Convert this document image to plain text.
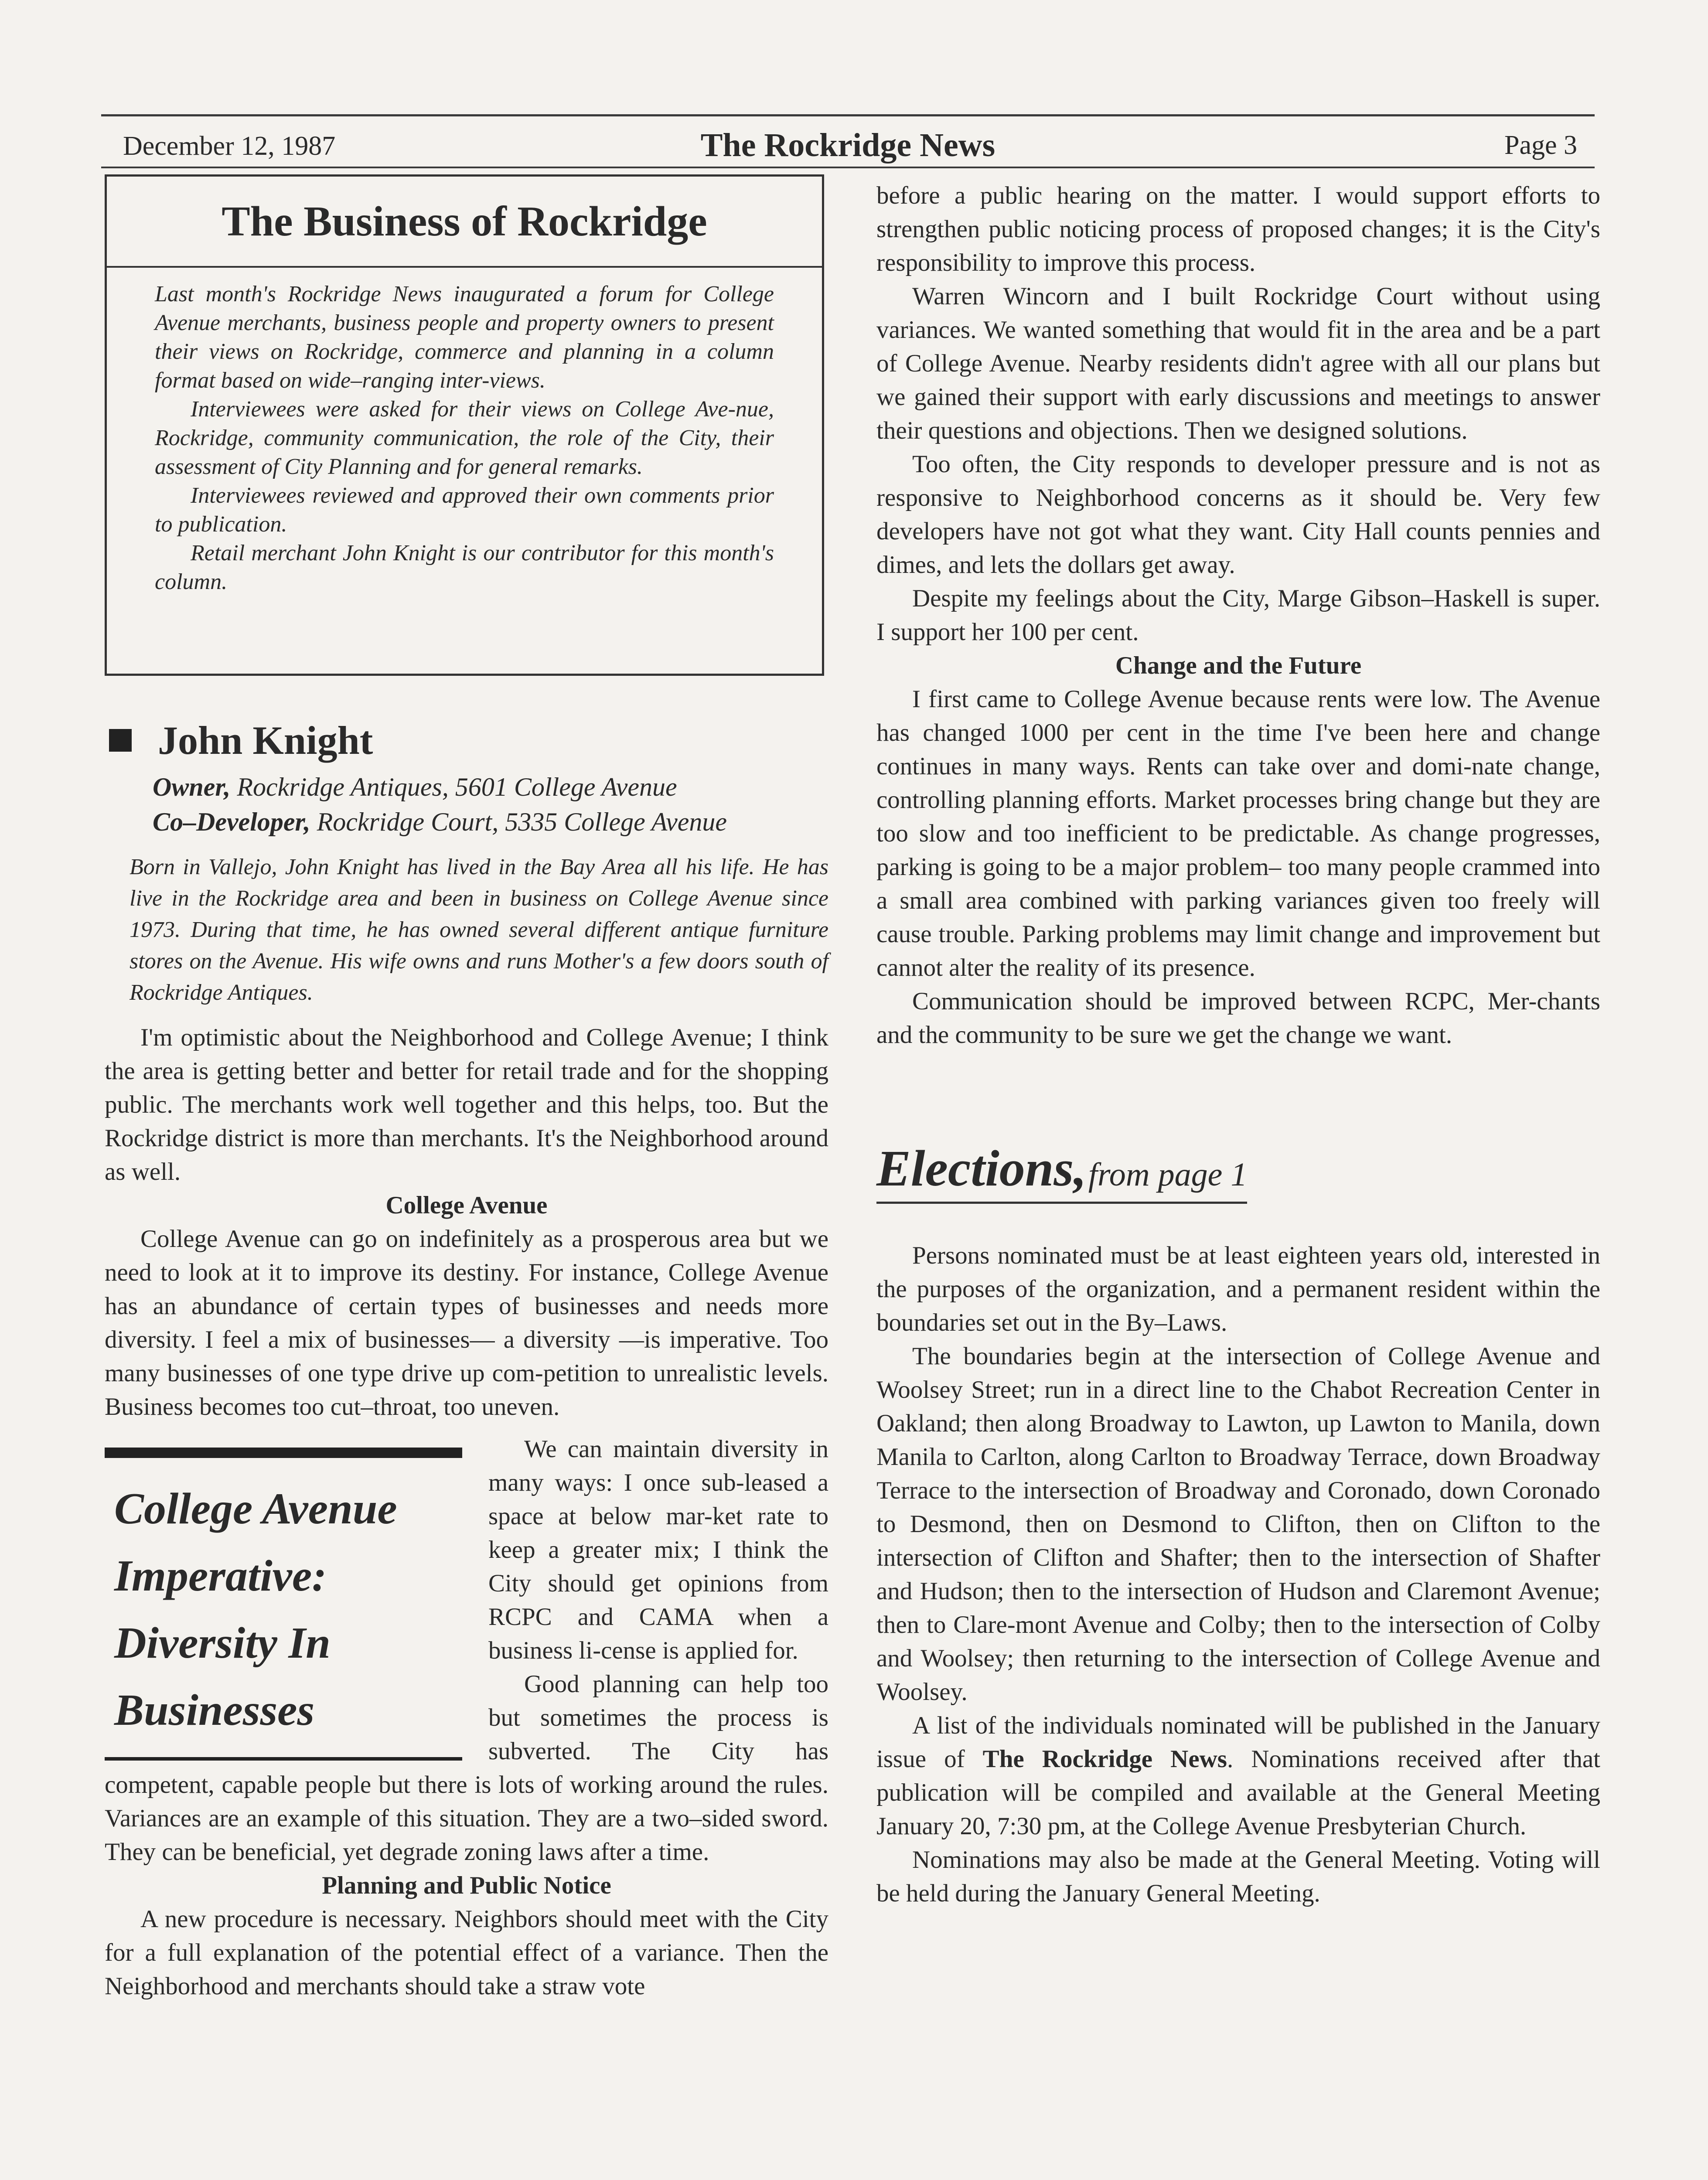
December 12, 1987	The Rockridge News	Page 3
The Business of Rockridge

Last month's Rockridge News inaugurated a forum for College Avenue merchants, business people and property owners to present their views on Rockridge, commerce and planning in a column format based on wide–ranging inter-views.

Interviewees were asked for their views on College Ave-nue, Rockridge, community communication, the role of the City, their assessment of City Planning and for general remarks.

Interviewees reviewed and approved their own comments prior to publication.

Retail merchant John Knight is our contributor for this month's column.

John Knight
Owner, Rockridge Antiques, 5601 College Avenue
Co–Developer, Rockridge Court, 5335 College Avenue

Born in Vallejo, John Knight has lived in the Bay Area all his life. He has live in the Rockridge area and been in business on College Avenue since 1973. During that time, he has owned several different antique furniture stores on the Avenue. His wife owns and runs Mother's a few doors south of Rockridge Antiques.

I'm optimistic about the Neighborhood and College Avenue; I think the area is getting better and better for retail trade and for the shopping public. The merchants work well together and this helps, too. But the Rockridge district is more than merchants. It's the Neighborhood around as well.

College Avenue

College Avenue can go on indefinitely as a prosperous area but we need to look at it to improve its destiny. For instance, College Avenue has an abundance of certain types of businesses and needs more diversity. I feel a mix of businesses— a diversity —is imperative. Too many businesses of one type drive up com-petition to unrealistic levels. Business becomes too cut–throat, too uneven.

College Avenue
Imperative:
Diversity In
Businesses

We can maintain diversity in many ways: I once sub-leased a space at below mar-ket rate to keep a greater mix; I think the City should get opinions from RCPC and CAMA when a business li-cense is applied for.

Good planning can help too but sometimes the process is subverted. The City has competent, capable people but there is lots of working around the rules. Variances are an example of this situation. They are a two–sided sword. They can be beneficial, yet degrade zoning laws after a time.

Planning and Public Notice

A new procedure is necessary. Neighbors should meet with the City for a full explanation of the potential effect of a variance. Then the Neighborhood and merchants should take a straw vote

before a public hearing on the matter. I would support efforts to strengthen public noticing process of proposed changes; it is the City's responsibility to improve this process.

Warren Wincorn and I built Rockridge Court without using variances. We wanted something that would fit in the area and be a part of College Avenue. Nearby residents didn't agree with all our plans but we gained their support with early discussions and meetings to answer their questions and objections. Then we designed solutions.

Too often, the City responds to developer pressure and is not as responsive to Neighborhood concerns as it should be. Very few developers have not got what they want. City Hall counts pennies and dimes, and lets the dollars get away.

Despite my feelings about the City, Marge Gibson–Haskell is super. I support her 100 per cent.

Change and the Future

I first came to College Avenue because rents were low. The Avenue has changed 1000 per cent in the time I've been here and change continues in many ways. Rents can take over and domi-nate change, controlling planning efforts. Market processes bring change but they are too slow and too inefficient to be predictable. As change progresses, parking is going to be a major problem– too many people crammed into a small area combined with parking variances given too freely will cause trouble. Parking problems may limit change and improvement but cannot alter the reality of its presence.

Communication should be improved between RCPC, Mer-chants and the community to be sure we get the change we want.

Elections, from page 1

Persons nominated must be at least eighteen years old, interested in the purposes of the organization, and a permanent resident within the boundaries set out in the By–Laws.

The boundaries begin at the intersection of College Avenue and Woolsey Street; run in a direct line to the Chabot Recreation Center in Oakland; then along Broadway to Lawton, up Lawton to Manila, down Manila to Carlton, along Carlton to Broadway Terrace, down Broadway Terrace to the intersection of Broadway and Coronado, down Coronado to Desmond, then on Desmond to Clifton, then on Clifton to the intersection of Clifton and Shafter; then to the intersection of Shafter and Hudson; then to the intersection of Hudson and Claremont Avenue; then to Clare-mont Avenue and Colby; then to the intersection of Colby and Woolsey; then returning to the intersection of College Avenue and Woolsey.

A list of the individuals nominated will be published in the January issue of The Rockridge News. Nominations received after that publication will be compiled and available at the General Meeting January 20, 7:30 pm, at the College Avenue Presbyterian Church.

Nominations may also be made at the General Meeting. Voting will be held during the January General Meeting.
